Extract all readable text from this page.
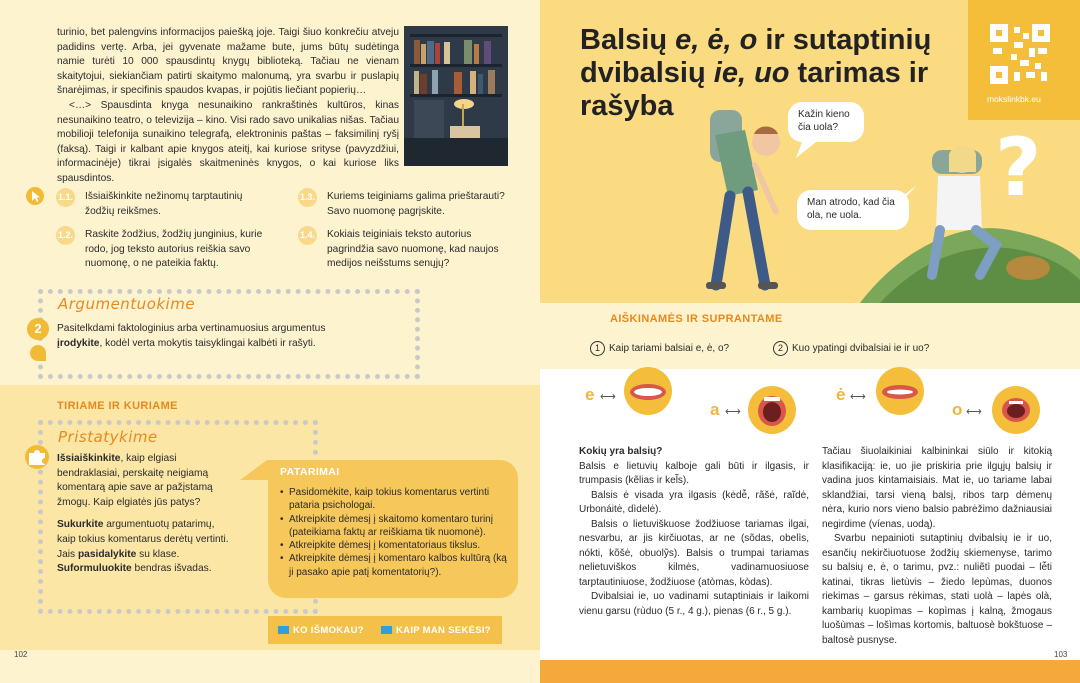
turinio, bet palengvins informacijos paiešką joje. Taigi šiuo konkrečiu atveju padidins vertę. Arba, jei gyvenate mažame bute, jums būtų sudėtinga namie turėti 10 000 spausdintų knygų biblioteką. Tačiau ne vienam skaitytojui, siekiančiam patirti skaitymo malonumą, yra svarbu ir puslapių šnarėjimas, ir specifinis spaudos kvapas, ir pojūtis liečiant popierių…

<…> Spausdinta knyga nesunaikino rankraštinės kultūros, kinas nesunaikino teatro, o televizija – kino. Visi rado savo unikalias nišas. Tačiau mobilioji telefonija sunaikino telegrafą, elektroninis paštas – faksimilinį ryšį (faksą). Taigi ir kalbant apie knygos ateitį, kai kuriose srityse (pavyzdžiui, informacinėje) tikrai įsigalės skaitmeninės knygos, o kai kuriose liks spausdintos.

1.1. Išsiaiškinkite nežinomų tarptautinių žodžių reikšmes.
1.2. Raskite žodžius, žodžių junginius, kurie rodo, jog teksto autorius reiškia savo nuomonę, o ne pateikia faktų.
1.3. Kuriems teiginiams galima prieštarauti? Savo nuomonę pagrįskite.
1.4. Kokiais teiginiais teksto autorius pagrindžia savo nuomonę, kad naujos medijos neišstums senųjų?
Argumentuokime
2	Pasitelkdami faktologinius arba vertinamuosius argumentus įrodykite, kodėl verta mokytis taisyklingai kalbėti ir rašyti.
TIRIAME IR KURIAME
Pristatykime

Išsiaiškinkite, kaip elgiasi bendraklasiai, perskaitę neigiamą komentarą apie save ar pažįstamą žmogų. Kaip elgiatės jūs patys?

Sukurkite argumentuotų patarimų, kaip tokius komentarus derėtų vertinti. Jais pasidalykite su klase. Suformuluokite bendras išvadas.

PATARIMAI
• Pasidomėkite, kaip tokius komentarus vertinti pataria psichologai.
• Atkreipkite dėmesį į skaitomo komentaro turinį (pateikiama faktų ar reiškiama tik nuomonė).
• Atkreipkite dėmesį į komentatoriaus tikslus.
• Atkreipkite dėmesį į komentaro kalbos kultūrą (ką ji pasako apie patį komentatorių?).
KO IŠMOKAU?	KAIP MAN SEKĖSI?
102
mokslinkbk.eu
Balsių e, ė, o ir sutaptinių dvibalsių ie, uo tarimas ir rašyba
?
Kažin kieno čia uola?
Man atrodo, kad čia ola, ne uola.
AIŠKINAMĖS IR SUPRANTAME
1 Kaip tariami balsiai e, ė, o?	2 Kuo ypatingi dvibalsiai ie ir uo?
e ⟷
a ⟷
ė ⟷
o ⟷

Kokių yra balsių?

Balsis e lietuvių kalboje gali būti ir ilgasis, ir trumpasis (kẽlias ir kel̃s).

Balsis ė visada yra ilgasis (kėdė̃, rãšė, raĩdė, Urbonáitė, dìdelė).

Balsis o lietuviškuose žodžiuose tariamas ilgai, nesvarbu, ar jis kirčiuotas, ar ne (sõdas, obelìs, nókti, kõšė, obuolỹs). Balsis o trumpai tariamas nelietuviškos kilmės, vadinamuosiuose tarptautiniuose, žodžiuose (atòmas, kòdas).

Dvibalsiai ie, uo vadinami sutaptiniais ir laikomi vienu garsu (rùduo (5 r., 4 g.), pienas (6 r., 5 g.).

Tačiau šiuolaikiniai kalbininkai siūlo ir kitokią klasifikaciją: ie, uo jie priskiria prie ilgųjų balsių ir vadina juos kintamaisiais. Mat ie, uo tariame labai sklandžiai, tarsi vieną balsį, ribos tarp dėmenų nėra, kurio nors vieno balsio pabrėžimo dažniausiai negirdime (víenas, uodą).

Svarbu nepainioti sutaptinių dvibalsių ie ir uo, esančių nekirčiuotuose žodžių skiemenyse, tarimo su balsių e, ė, o tarimu, pvz.: nuliẽtì puodai – lė̃ti katinai, tikras lietùvis – žiedo lepùmas, duonos riekimas – garsus rėkimas, stati uolà – lapės olà, kambarių kuopìmas – kopìmas į kalną, žmogaus luošùmas – lošìmas kortomis, baltuosè bokštuose – baltosè pusnyse.

103
